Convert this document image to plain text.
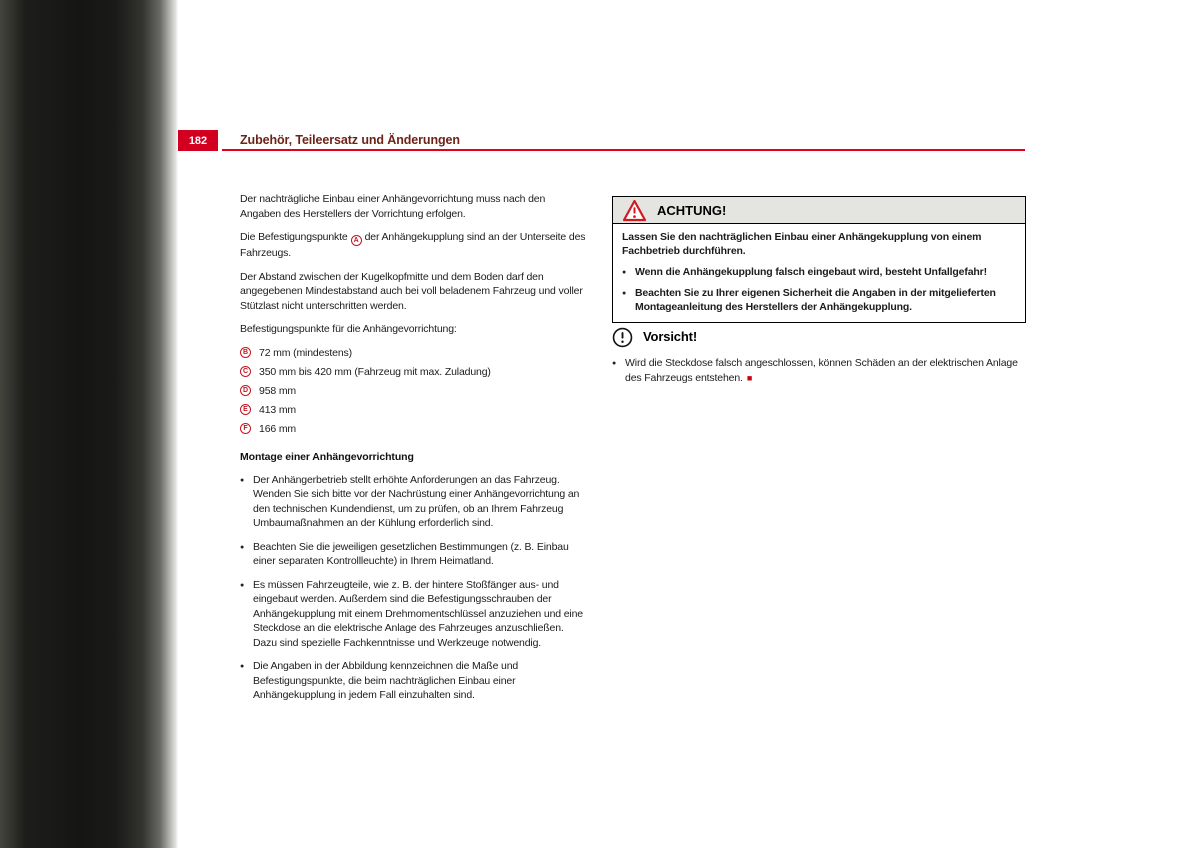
182	Zubehör, Teileersatz und Änderungen

Der nachträgliche Einbau einer Anhängevorrichtung muss nach den Angaben des Herstellers der Vorrichtung erfolgen.

Die Befestigungspunkte A der Anhängekupplung sind an der Unterseite des Fahrzeugs.

Der Abstand zwischen der Kugelkopfmitte und dem Boden darf den angegebenen Mindestabstand auch bei voll beladenem Fahrzeug und voller Stützlast nicht unterschritten werden.

Befestigungspunkte für die Anhängevorrichtung:

B 72 mm (mindestens)
C 350 mm bis 420 mm (Fahrzeug mit max. Zuladung)
D 958 mm
E	413 mm
F	166 mm
Montage einer Anhängevorrichtung
● Der Anhängerbetrieb stellt erhöhte Anforderungen an das Fahrzeug. Wenden Sie sich bitte vor der Nachrüstung einer Anhängevorrichtung an den technischen Kundendienst, um zu prüfen, ob an Ihrem Fahrzeug Umbaumaßnahmen an der Kühlung erforderlich sind.
● Beachten Sie die jeweiligen gesetzlichen Bestimmungen (z. B. Einbau einer separaten Kontrollleuchte) in Ihrem Heimatland.
● Es müssen Fahrzeugteile, wie z. B. der hintere Stoßfänger aus- und eingebaut werden. Außerdem sind die Befestigungsschrauben der Anhängekupplung mit einem Drehmomentschlüssel anzuziehen und eine Steckdose an die elektrische Anlage des Fahrzeuges anzuschließen. Dazu sind spezielle Fachkenntnisse und Werkzeuge notwendig.
● Die Angaben in der Abbildung kennzeichnen die Maße und Befestigungspunkte, die beim nachträglichen Einbau einer Anhängekupplung in jedem Fall einzuhalten sind.
ACHTUNG!

Lassen Sie den nachträglichen Einbau einer Anhängekupplung von einem Fachbetrieb durchführen.

● Wenn die Anhängekupplung falsch eingebaut wird, besteht Unfallgefahr!
● Beachten Sie zu Ihrer eigenen Sicherheit die Angaben in der mitgelieferten Montageanleitung des Herstellers der Anhängekupplung.
Vorsicht!

● Wird die Steckdose falsch angeschlossen, können Schäden an der elektrischen Anlage des Fahrzeugs entstehen. ■
